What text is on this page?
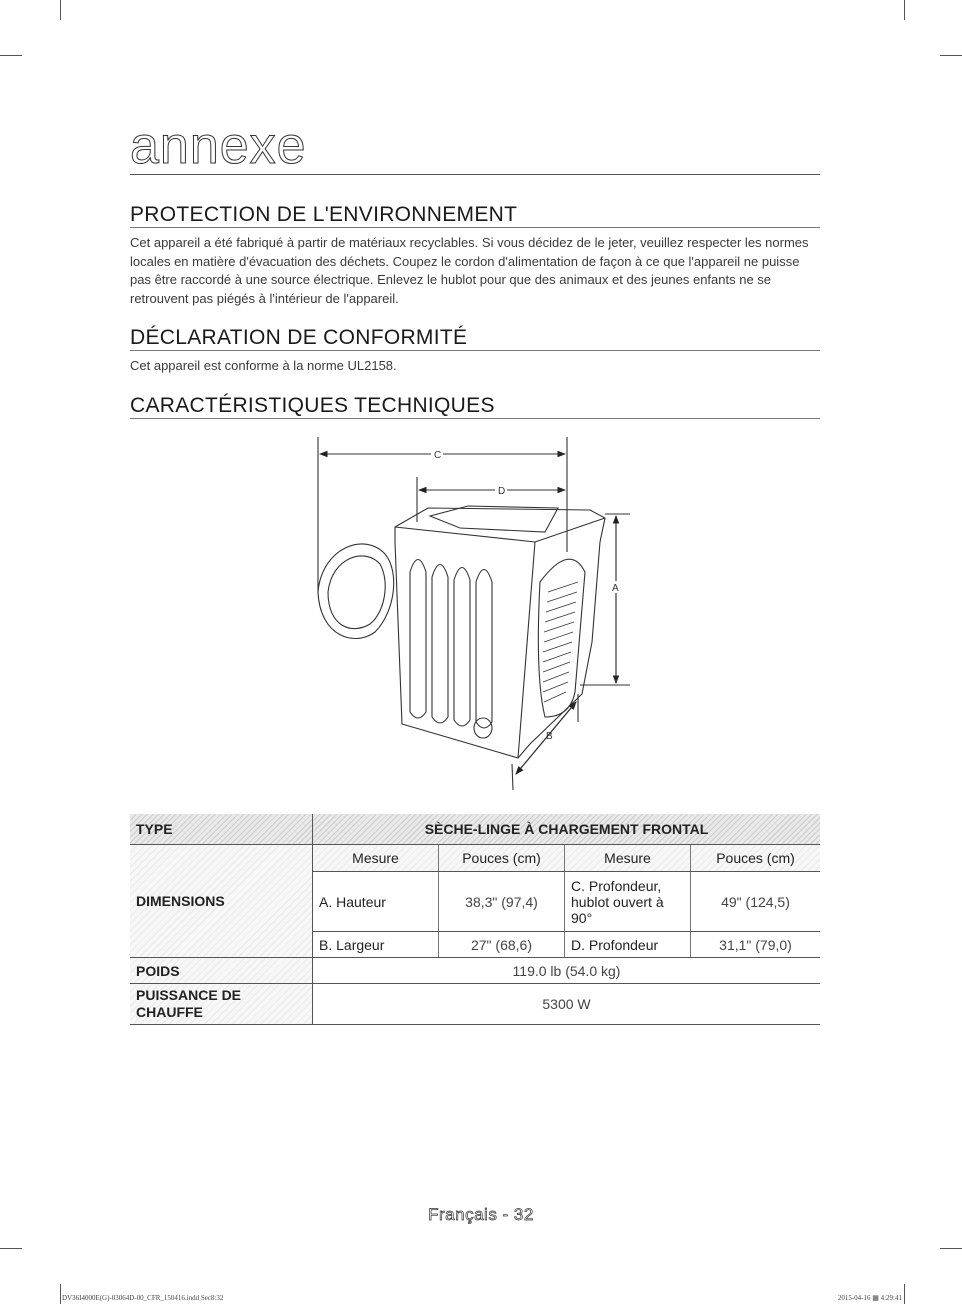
annexe
PROTECTION DE L'ENVIRONNEMENT

Cet appareil a été fabriqué à partir de matériaux recyclables. Si vous décidez de le jeter, veuillez respecter les normes locales en matière d'évacuation des déchets. Coupez le cordon d'alimentation de façon à ce que l'appareil ne puisse pas être raccordé à une source électrique. Enlevez le hublot pour que des animaux et des jeunes enfants ne se retrouvent pas piégés à l'intérieur de l'appareil.

DÉCLARATION DE CONFORMITÉ

Cet appareil est conforme à la norme UL2158.

CARACTÉRISTIQUES TECHNIQUES
C
D
A
B
TYPE	SÈCHE-LINGE À CHARGEMENT FRONTAL			
DIMENSIONS	Mesure	Pouces (cm)	Mesure	Pouces (cm)
	A. Hauteur	38,3" (97,4)	C. Profondeur, hublot ouvert à 90°	49" (124,5)
	B. Largeur	27" (68,6)	D. Profondeur	31,1" (79,0)
POIDS	119.0 lb (54.0 kg)			
PUISSANCE DE CHAUFFE	5300 W			
Français - 32
DV36I4000E(G)-03064D-00_CFR_150416.indd Sec8:32	2015-04-16 ▦ 4:29:41
